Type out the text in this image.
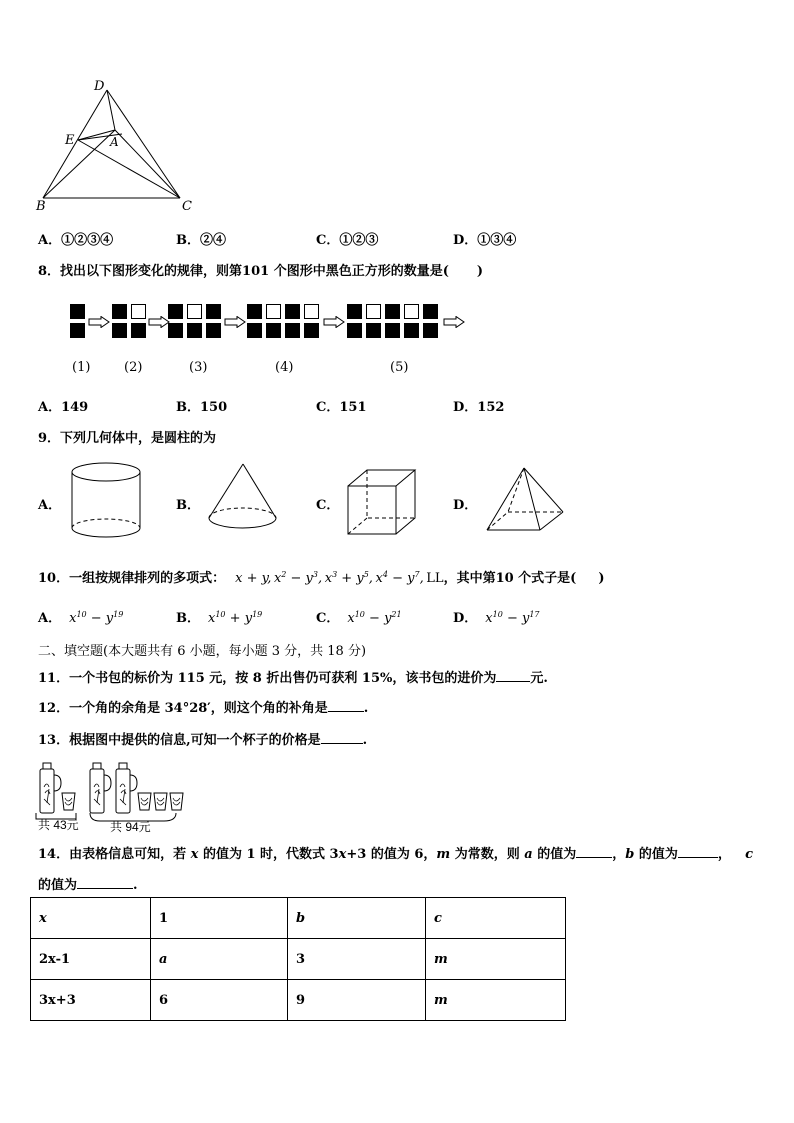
D
E	A
B	C
A．①②③④	B．②④	C．①②③	D．①③④
8． 找出以下图形变化的规律，则第101 个图形中黑色正方形的数量是( )
(1)	(2)	(3)	(4)	(5)
A．149	B．150	C．151	D．152
9． 下列几何体中，是圆柱的为
A．	B．	C．	D．
10． 一组按规律排列的多项式： x + y, $x^2 - y^3$, $x^3 + y^5$, $x^4 - y^7$, LL ，其中第10 个式子是( )
A． $x^{10} - y^{19}$	B． $x^{10} + y^{19}$	C． $x^{10} - y^{21}$	D． $x^{10} - y^{17}$
二、填空题(本大题共有 6 小题，每小题 3 分，共 18 分)
11． 一个书包的标价为 115 元，按 8 折出售仍可获利 15%，该书包的进价为	元.
12． 一个角的余角是 34°28′，则这个角的补角是	.
13． 根据图中提供的信息,可知一个杯子的价格是	.
共 43元	共 94元
14． 由表格信息可知，若
x
的值为 1 时，代数式 3 x +3 的值为 6， m
为常数，则
a
的值为	， b
的值为	， c
的值为	.
x	1	b	c
2x-1	a	3	m
3x+3	6	9	m
